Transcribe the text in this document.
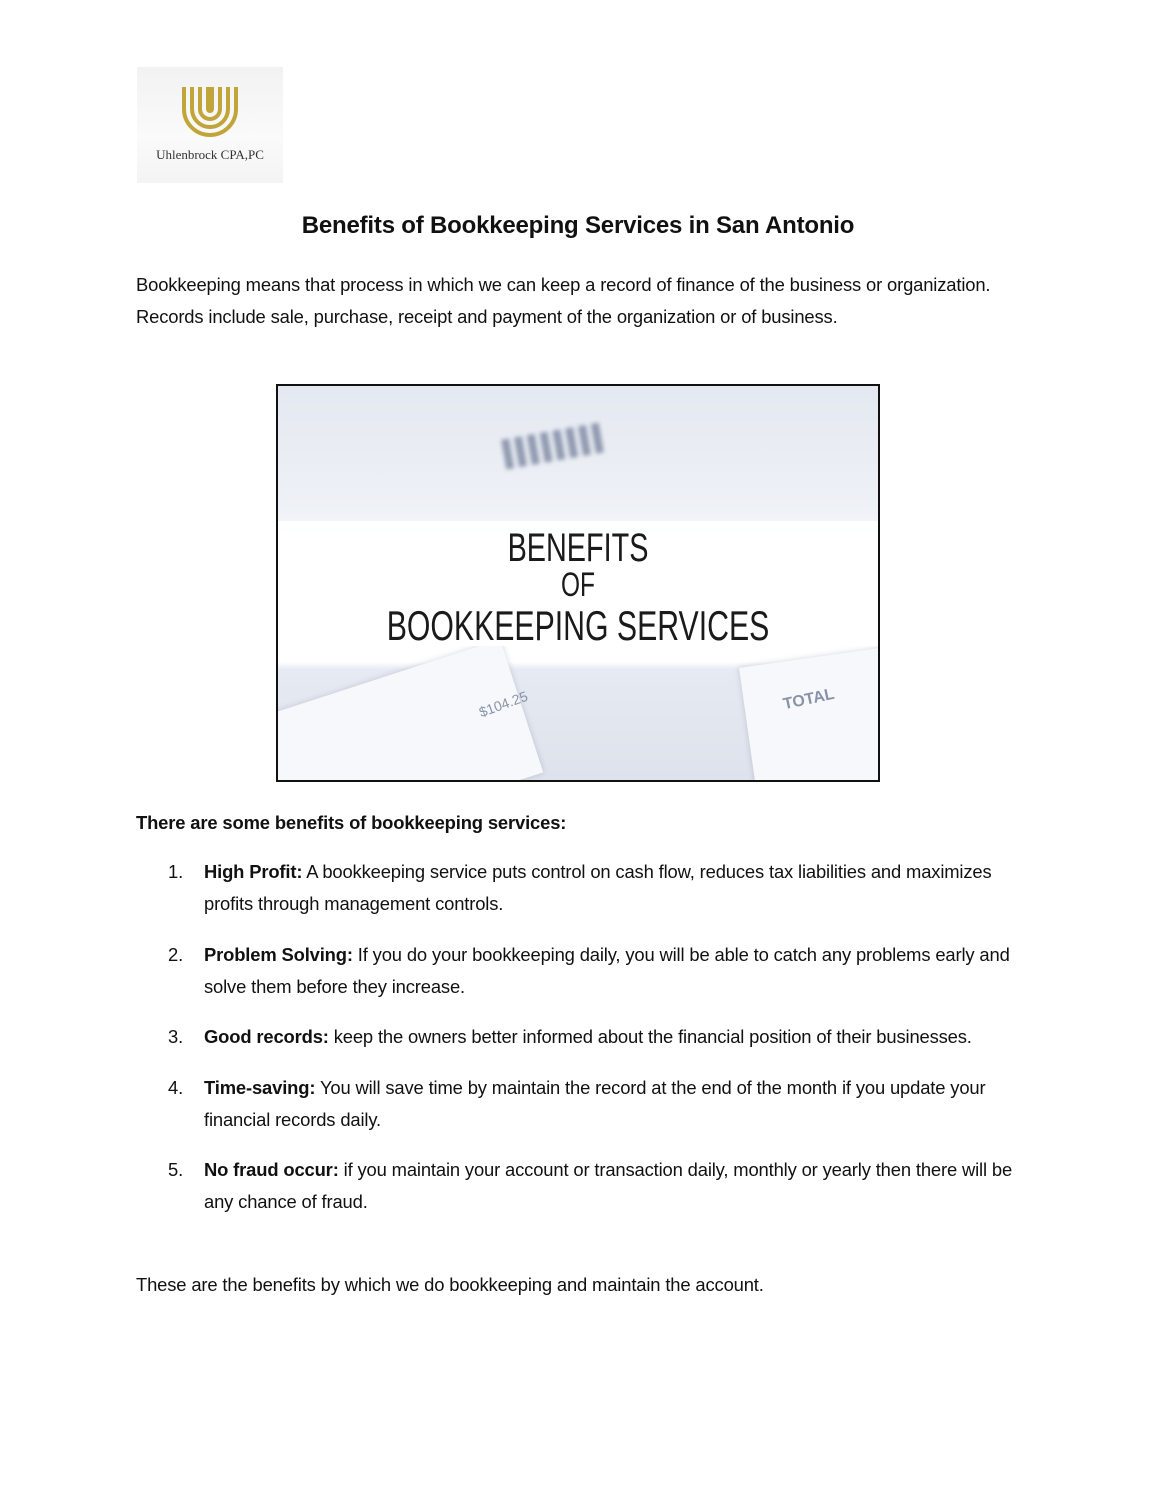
Uhlenbrock CPA,PC
Benefits of Bookkeeping Services in San Antonio
Bookkeeping means that process in which we can keep a record of finance of the business or organization. Records include sale, purchase, receipt and payment of the organization or of business.
$104.25	TOTAL
BENEFITS
OF
BOOKKEEPING SERVICES
There are some benefits of bookkeeping services:
1. High Profit: A bookkeeping service puts control on cash flow, reduces tax liabilities and maximizes profits through management controls.
2. Problem Solving: If you do your bookkeeping daily, you will be able to catch any problems early and solve them before they increase.
3. Good records: keep the owners better informed about the financial position of their businesses.
4. Time-saving: You will save time by maintain the record at the end of the month if you update your financial records daily.
5. No fraud occur: if you maintain your account or transaction daily, monthly or yearly then there will be any chance of fraud.
These are the benefits by which we do bookkeeping and maintain the account.
